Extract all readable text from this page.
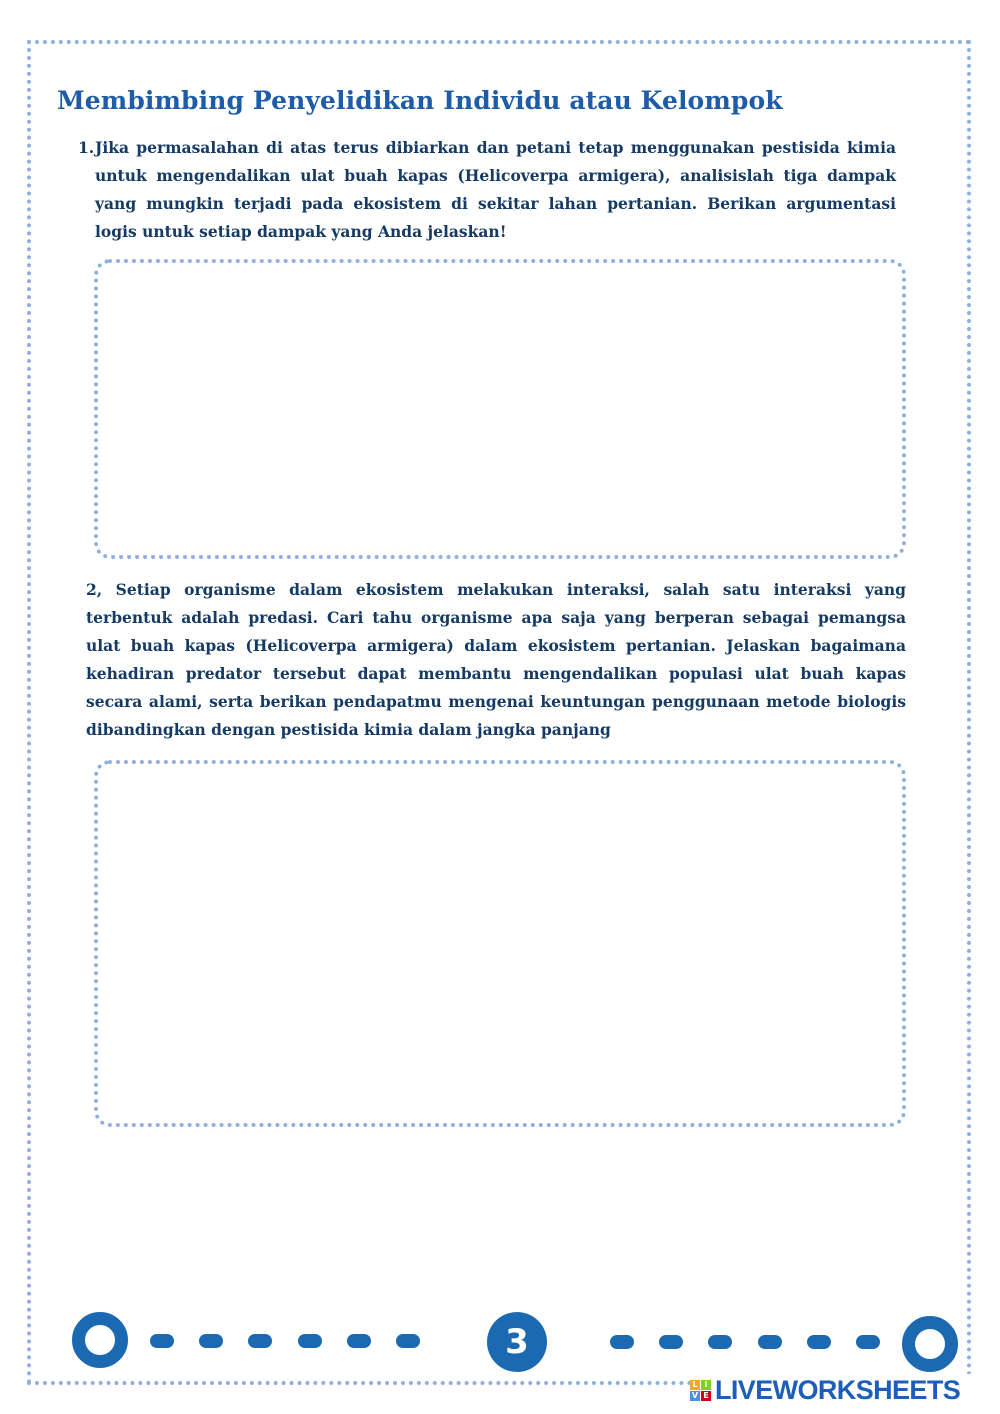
Membimbing Penyelidikan Individu atau Kelompok
1. Jika permasalahan di atas terus dibiarkan dan petani tetap menggunakan pestisida kimia untuk mengendalikan ulat buah kapas (Helicoverpa armigera), analisislah tiga dampak yang mungkin terjadi pada ekosistem di sekitar lahan pertanian. Berikan argumentasi logis untuk setiap dampak yang Anda jelaskan!
2, Setiap organisme dalam ekosistem melakukan interaksi, salah satu interaksi yang terbentuk adalah predasi. Cari tahu organisme apa saja yang berperan sebagai pemangsa ulat buah kapas (Helicoverpa armigera) dalam ekosistem pertanian. Jelaskan bagaimana kehadiran predator tersebut dapat membantu mengendalikan populasi ulat buah kapas secara alami, serta berikan pendapatmu mengenai keuntungan penggunaan metode biologis dibandingkan dengan pestisida kimia dalam jangka panjang
3
L I
V E LIVEWORKSHEETS
